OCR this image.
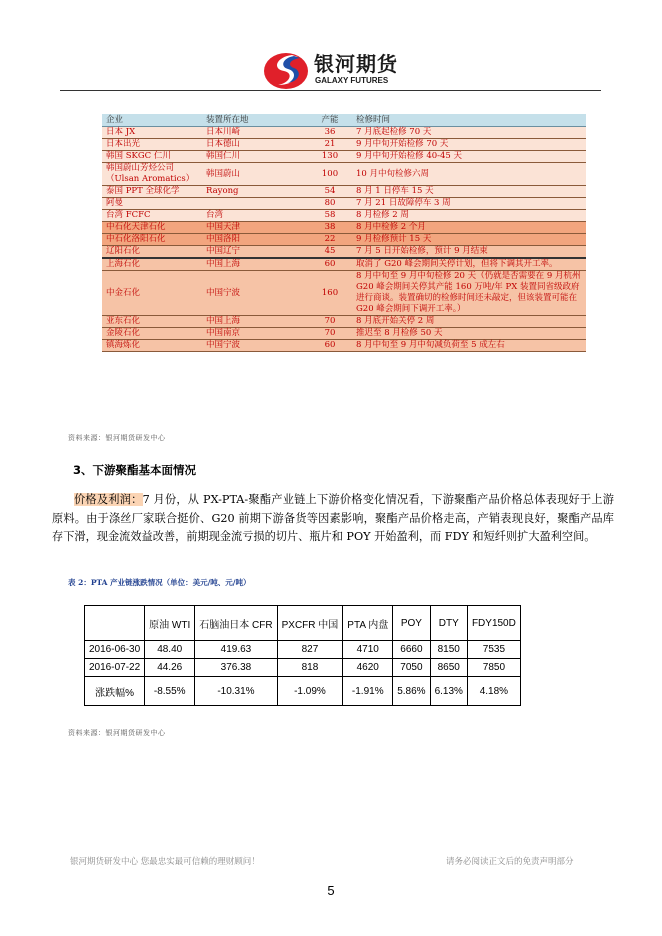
银河期货
GALAXY FUTURES
企业	装置所在地	产能	检修时间
日本 JX	日本川崎	36	7 月底起检修 70 天
日本出光	日本德山	21	9 月中旬开始检修 70 天
韩国 SKGC 仁川	韩国仁川	130	9 月中旬开始检修 40-45 天
韩国蔚山芳烃公司（Ulsan Aromatics）	韩国蔚山	100	10 月中旬检修六周
泰国 PPT 全球化学	Rayong	54	8 月 1 日停车 15 天
阿曼		80	7 月 21 日故障停车 3 周
台湾 FCFC	台湾	58	8 月检修 2 周
中石化天津石化	中国天津	38	8 月中检修 2 个月
中石化洛阳石化	中国洛阳	22	9 月检修预计 15 天
辽阳石化	中国辽宁	45	7 月 5 日开始检修，预计 9 月结束
上海石化	中国上海	60	取消了 G20 峰会期间关停计划，但将下调其开工率。
中金石化	中国宁波	160	8 月中旬至 9 月中旬检修 20 天（仍就是否需要在 9 月杭州 G20 峰会期间关停其产能 160 万吨/年 PX 装置同省级政府进行商谈。装置确切的检修时间还未敲定，但该装置可能在 G20 峰会期间下调开工率。）
亚东石化	中国上海	70	8 月底开始关停 2 周
金陵石化	中国南京	70	推迟至 8 月检修 50 天
镇海炼化	中国宁波	60	8 月中旬至 9 月中旬减负荷至 5 成左右
资料来源：银河期货研发中心
3、下游聚酯基本面情况
价格及利润：7 月份，从 PX-PTA-聚酯产业链上下游价格变化情况看，下游聚酯产品价格总体表现好于上游原料。由于涤丝厂家联合挺价、G20 前期下游备货等因素影响，聚酯产品价格走高，产销表现良好，聚酯产品库存下滑，现金流效益改善，前期现金流亏损的切片、瓶片和 POY 开始盈利，而 FDY 和短纤则扩大盈利空间。
表 2：PTA 产业链涨跌情况（单位：美元/吨、元/吨）
	原油 WTI	石脑油日本 CFR	PXCFR 中国	PTA 内盘	POY	DTY	FDY150D
2016-06-30	48.40	419.63	827	4710	6660	8150	7535
2016-07-22	44.26	376.38	818	4620	7050	8650	7850
涨跌幅%	-8.55%	-10.31%	-1.09%	-1.91%	5.86%	6.13%	4.18%
资料来源：银河期货研发中心
银河期货研发中心 您最忠实最可信赖的理财顾问！	请务必阅读正文后的免责声明部分
5
